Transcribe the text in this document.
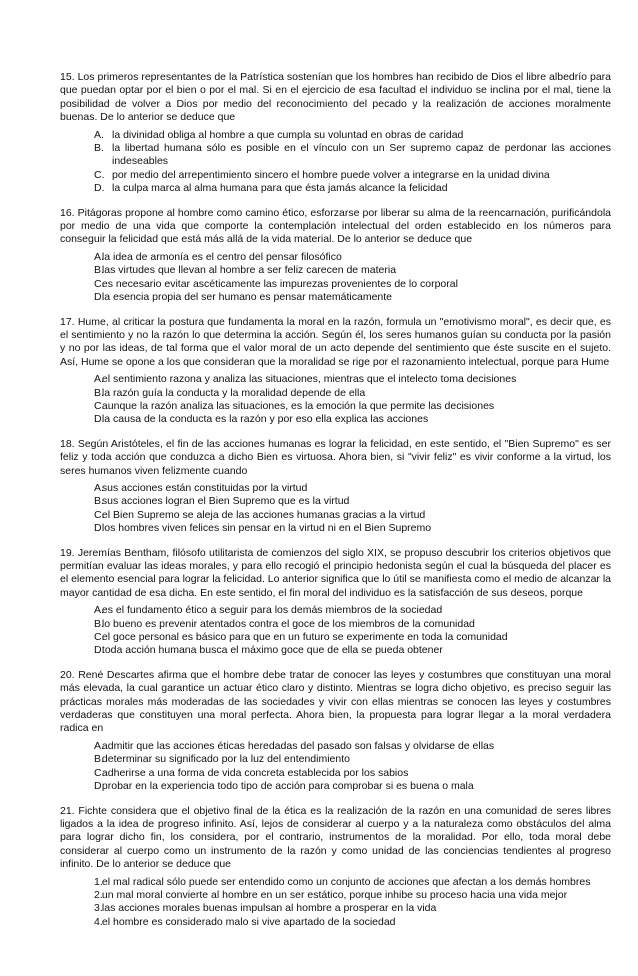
15. Los primeros representantes de la Patrística sostenían que los hombres han recibido de Dios el libre albedrío para que puedan optar por el bien o por el mal. Si en el ejercicio de esa facultad el individuo se inclina por el mal, tiene la posibilidad de volver a Dios por medio del reconocimiento del pecado y la realización de acciones moralmente buenas. De lo anterior se deduce que

A. la divinidad obliga al hombre a que cumpla su voluntad en obras de caridad
B. la libertad humana sólo es posible en el vínculo con un Ser supremo capaz de perdonar las acciones indeseables
C. por medio del arrepentimiento sincero el hombre puede volver a integrarse en la unidad divina
D. la culpa marca al alma humana para que ésta jamás alcance la felicidad

16. Pitágoras propone al hombre como camino ético, esforzarse por liberar su alma de la reencarnación, purificándola por medio de una vida que comporte la contemplación intelectual del orden establecido en los números para conseguir la felicidad que está más allá de la vida material. De lo anterior se deduce que

A.

la idea de armonía es el centro del pensar filosófico
B.

las virtudes que llevan al hombre a ser feliz carecen de materia
C.

es necesario evitar ascéticamente las impurezas provenientes de lo corporal
D.

la esencia propia del ser humano es pensar matemáticamente

17. Hume, al criticar la postura que fundamenta la moral en la razón, formula un "emotivismo moral", es decir que, es el sentimiento y no la razón lo que determina la acción. Según él, los seres humanos guían su conducta por la pasión y no por las ideas, de tal forma que el valor moral de un acto depende del sentimiento que éste suscite en el sujeto. Así, Hume se opone a los que consideran que la moralidad se rige por el razonamiento intelectual, porque para Hume

A.

el sentimiento razona y analiza las situaciones, mientras que el intelecto toma decisiones
B.

la razón guía la conducta y la moralidad depende de ella
C.

aunque la razón analiza las situaciones, es la emoción la que permite las decisiones
D.

la causa de la conducta es la razón y por eso ella explica las acciones

18. Según Aristóteles, el fin de las acciones humanas es lograr la felicidad, en este sentido, el "Bien Supremo" es ser feliz y toda acción que conduzca a dicho Bien es virtuosa. Ahora bien, si "vivir feliz" es vivir conforme a la virtud, los seres humanos viven felizmente cuando

A.

sus acciones están constituidas por la virtud
B.

sus acciones logran el Bien Supremo que es la virtud
C.

el Bien Supremo se aleja de las acciones humanas gracias a la virtud
D.

los hombres viven felices sin pensar en la virtud ni en el Bien Supremo

19. Jeremías Bentham, filósofo utilitarista de comienzos del siglo XIX, se propuso descubrir los criterios objetivos que permitían evaluar las ideas morales, y para ello recogió el principio hedonista según el cual la búsqueda del placer es el elemento esencial para lograr la felicidad. Lo anterior significa que lo útil se manifiesta como el medio de alcanzar la mayor cantidad de esa dicha. En este sentido, el fin moral del individuo es la satisfacción de sus deseos, porque

A.

es el fundamento ético a seguir para los demás miembros de la sociedad
B.

lo bueno es prevenir atentados contra el goce de los miembros de la comunidad
C.

el goce personal es básico para que en un futuro se experimente en toda la comunidad
D.

toda acción humana busca el máximo goce que de ella se pueda obtener

20. René Descartes afirma que el hombre debe tratar de conocer las leyes y costumbres que constituyan una moral más elevada, la cual garantice un actuar ético claro y distinto. Mientras se logra dicho objetivo, es preciso seguir las prácticas morales más moderadas de las sociedades y vivir con ellas mientras se conocen las leyes y costumbres verdaderas que constituyen una moral perfecta. Ahora bien, la propuesta para lograr llegar a la moral verdadera radica en

A.

admitir que las acciones éticas heredadas del pasado son falsas y olvidarse de ellas
B.

determinar su significado por la luz del entendimiento
C.

adherirse a una forma de vida concreta establecida por los sabios
D
probar en la experiencia todo tipo de acción para comprobar si es buena o mala

21. Fichte considera que el objetivo final de la ética es la realización de la razón en una comunidad de seres libres ligados a la idea de progreso infinito. Así, lejos de considerar al cuerpo y a la naturaleza como obstáculos del alma para lograr dicho fin, los considera, por el contrario, instrumentos de la moralidad. Por ello, toda moral debe considerar al cuerpo como un instrumento de la razón y como unidad de las conciencias tendientes al progreso infinito. De lo anterior se deduce que

1.
el mal radical sólo puede ser entendido como un conjunto de acciones que afectan a los demás hombres
2.
un mal moral convierte al hombre en un ser estático, porque inhibe su proceso hacia una vida mejor
3.
las acciones morales buenas impulsan al hombre a prosperar en la vida
4.
el hombre es considerado malo si vive apartado de la sociedad
